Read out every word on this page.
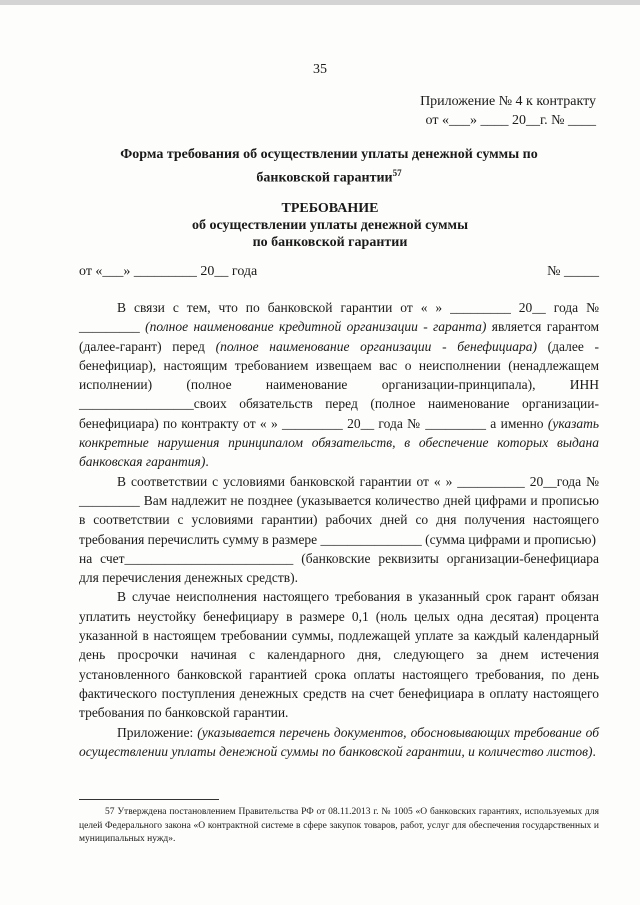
35
Приложение № 4 к контракту
от «___» ____ 20__г. № ____
Форма требования об осуществлении уплаты денежной суммы по банковской гарантии$^{57}$
ТРЕБОВАНИЕ
об осуществлении уплаты денежной суммы
по банковской гарантии
от «___» _________ 20__ года	№ _____

В связи с тем, что по банковской гарантии от « » _________ 20__ года № _________ (полное наименование кредитной организации - гаранта) является гарантом (далее-гарант) перед (полное наименование организации - бенефициара) (далее - бенефициар), настоящим требованием извещаем вас о неисполнении (ненадлежащем исполнении) (полное наименование организации-принципала), ИНН _________________своих обязательств перед (полное наименование организации-бенефициара) по контракту от « » _________ 20__ года № _________ а именно (указать конкретные нарушения принципалом обязательств, в обеспечение которых выдана банковская гарантия).

В соответствии с условиями банковской гарантии от « » __________ 20__года № _________ Вам надлежит не позднее (указывается количество дней цифрами и прописью в соответствии с условиями гарантии) рабочих дней со дня получения настоящего требования перечислить сумму в размере _______________ (сумма цифрами и прописью)

на счет_________________________ (банковские реквизиты организации-бенефициара для перечисления денежных средств).

В случае неисполнения настоящего требования в указанный срок гарант обязан уплатить неустойку бенефициару в размере 0,1 (ноль целых одна десятая) процента указанной в настоящем требовании суммы, подлежащей уплате за каждый календарный день просрочки начиная с календарного дня, следующего за днем истечения установленного банковской гарантией срока оплаты настоящего требования, по день фактического поступления денежных средств на счет бенефициара в оплату настоящего требования по банковской гарантии.

Приложение: (указывается перечень документов, обосновывающих требование об осуществлении уплаты денежной суммы по банковской гарантии, и количество листов).

57 Утверждена постановлением Правительства РФ от 08.11.2013 г. № 1005 «О банковских гарантиях, используемых для целей Федерального закона «О контрактной системе в сфере закупок товаров, работ, услуг для обеспечения государственных и муниципальных нужд».
